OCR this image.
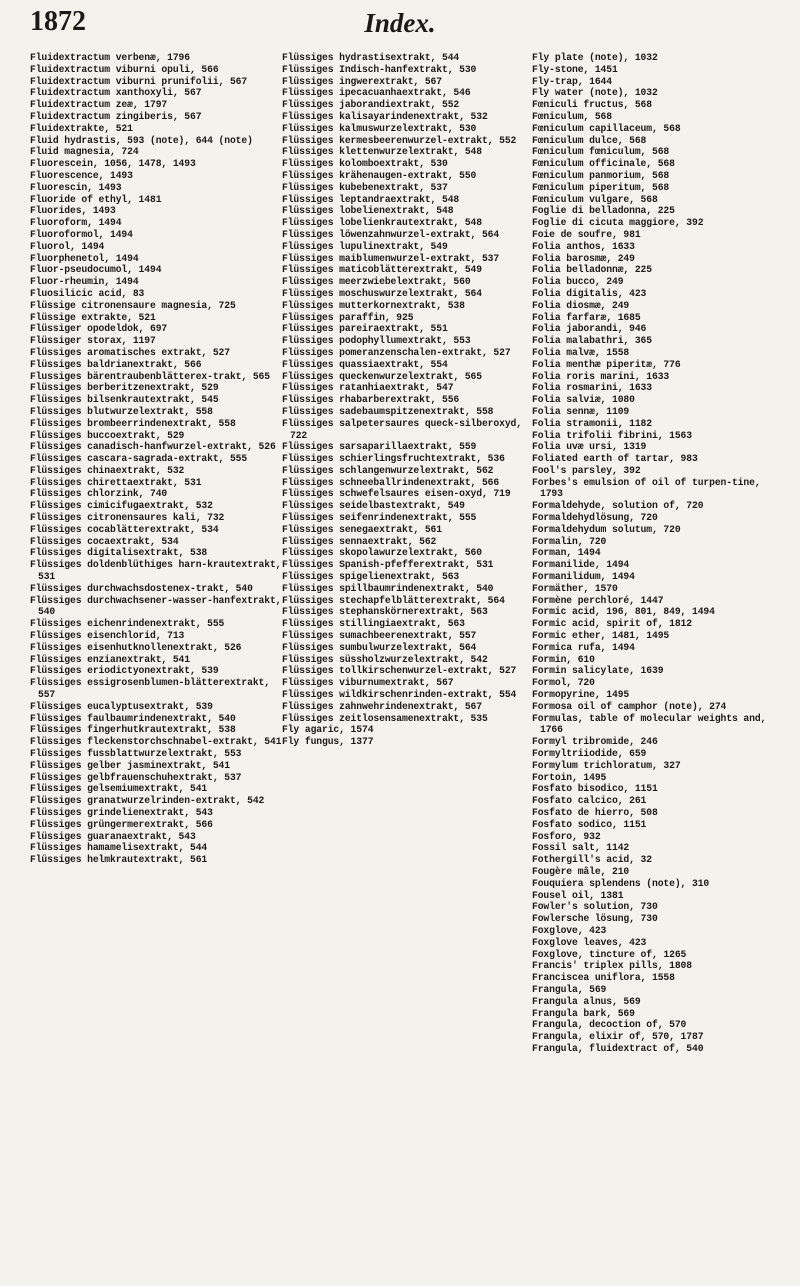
1872	Index.

Fluidextractum verbenæ, 1796

Fluidextractum viburni opuli, 566

Fluidextractum viburni prunifolii, 567

Fluidextractum xanthoxyli, 567

Fluidextractum zeæ, 1797

Fluidextractum zingiberis, 567

Fluidextrakte, 521

Fluid hydrastis, 593 (note), 644 (note)

Fluid magnesia, 724

Fluorescein, 1056, 1478, 1493

Fluorescence, 1493

Fluorescin, 1493

Fluoride of ethyl, 1481

Fluorides, 1493

Fluoroform, 1494

Fluoroformol, 1494

Fluorol, 1494

Fluorphenetol, 1494

Fluor-pseudocumol, 1494

Fluor-rheumin, 1494

Fluosilicic acid, 83

Flüssige citronensaure magnesia, 725

Flüssige extrakte, 521

Flüssiger opodeldok, 697

Flüssiger storax, 1197

Flüssiges aromatisches extrakt, 527

Flüssiges baldrianextrakt, 566

Flussiges bärentraubenblätterex-trakt, 565

Flüssiges berberitzenextrakt, 529

Flüssiges bilsenkrautextrakt, 545

Flüssiges blutwurzelextrakt, 558

Flüssiges brombeerrindenextrakt, 558

Flüssiges buccoextrakt, 529

Flüssiges canadisch-hanfwurzel-extrakt, 526

Flüssiges cascara-sagrada-extrakt, 555

Flüssiges chinaextrakt, 532

Flüssiges chirettaextrakt, 531

Flüssiges chlorzink, 740

Flüssiges cimicifugaextrakt, 532

Flüssiges citronensaures kali, 732

Flüssiges cocablätterextrakt, 534

Flüssiges cocaextrakt, 534

Flüssiges digitalisextrakt, 538

Flüssiges doldenblüthiges harn-krautextrakt, 531

Flüssiges durchwachsdostenex-trakt, 540

Flüssiges durchwachsener-wasser-hanfextrakt, 540

Flüssiges eichenrindenextrakt, 555

Flüssiges eisenchlorid, 713

Flüssiges eisenhutknollenextrakt, 526

Flüssiges enzianextrakt, 541

Flüssiges eriodictyonextrakt, 539

Flüssiges essigrosenblumen-blätterextrakt, 557

Flüssiges eucalyptusextrakt, 539

Flüssiges faulbaumrindenextrakt, 540

Flüssiges fingerhutkrautextrakt, 538

Flüssiges fleckenstorchschnabel-extrakt, 541

Flüssiges fussblattwurzelextrakt, 553

Flüssiges gelber jasminextrakt, 541

Flüssiges gelbfrauenschuhextrakt, 537

Flüssiges gelsemiumextrakt, 541

Flüssiges granatwurzelrinden-extrakt, 542

Flüssiges grindelienextrakt, 543

Flüssiges grüngermerextrakt, 566

Flüssiges guaranaextrakt, 543

Flüssiges hamamelisextrakt, 544

Flüssiges helmkrautextrakt, 561

Flüssiges hydrastisextrakt, 544

Flüssiges Indisch-hanfextrakt, 530

Flüssiges ingwerextrakt, 567

Flüssiges ipecacuanhaextrakt, 546

Flüssiges jaborandiextrakt, 552

Flüssiges kalisayarindenextrakt, 532

Flüssiges kalmuswurzelextrakt, 530

Flüssiges kermesbeerenwurzel-extrakt, 552

Flüssiges klettenwurzelextrakt, 548

Flüssiges kolomboextrakt, 530

Flüssiges krähenaugen-extrakt, 550

Flüssiges kubebenextrakt, 537

Flüssiges leptandraextrakt, 548

Flüssiges lobelienextrakt, 548

Flüssiges lobelienkrautextrakt, 548

Flüssiges löwenzahnwurzel-extrakt, 564

Flüssiges lupulinextrakt, 549

Flüssiges maiblumenwurzel-extrakt, 537

Flüssiges maticoblätterextrakt, 549

Flüssiges meerzwiebelextrakt, 560

Flüssiges moschuswurzelextrakt, 564

Flüssiges mutterkornextrakt, 538

Flüssiges paraffin, 925

Flüssiges pareiraextrakt, 551

Flüssiges podophyllumextrakt, 553

Flüssiges pomeranzenschalen-extrakt, 527

Flüssiges quassiaextrakt, 554

Flüssiges queckenwurzelextrakt, 565

Flüssiges ratanhiaextrakt, 547

Flüssiges rhabarberextrakt, 556

Flüssiges sadebaumspitzenextrakt, 558

Flüssiges salpetersaures queck-silberoxyd, 722

Flüssiges sarsaparillaextrakt, 559

Flüssiges schierlingsfruchtextrakt, 536

Flüssiges schlangenwurzelextrakt, 562

Flüssiges schneeballrindenextrakt, 566

Flüssiges schwefelsaures eisen-oxyd, 719

Flüssiges seidelbastextrakt, 549

Flüssiges seifenrindenextrakt, 555

Flüssiges senegaextrakt, 561

Flüssiges sennaextrakt, 562

Flüssiges skopolawurzelextrakt, 560

Flüssiges Spanish-pfefferextrakt, 531

Flüssiges spigelienextrakt, 563

Flüssiges spillbaumrindenextrakt, 540

Flüssiges stechapfelblätterextrakt, 564

Flüssiges stephanskörnerextrakt, 563

Flüssiges stillingiaextrakt, 563

Flüssiges sumachbeerenextrakt, 557

Flüssiges sumbulwurzelextrakt, 564

Flüssiges süssholzwurzelextrakt, 542

Flüssiges tollkirschenwurzel-extrakt, 527

Flüssiges viburnumextrakt, 567

Flüssiges wildkirschenrinden-extrakt, 554

Flüssiges zahnwehrindenextrakt, 567

Flüssiges zeitlosensamenextrakt, 535

Fly agaric, 1574

Fly fungus, 1377

Fly plate (note), 1032

Fly-stone, 1451

Fly-trap, 1644

Fly water (note), 1032

Fœniculi fructus, 568

Fœniculum, 568

Fœniculum capillaceum, 568

Fœniculum dulce, 568

Fœniculum fœniculum, 568

Fœniculum officinale, 568

Fœniculum panmorium, 568

Fœniculum piperitum, 568

Fœniculum vulgare, 568

Foglie di belladonna, 225

Foglie di cicuta maggiore, 392

Foie de soufre, 981

Folia anthos, 1633

Folia barosmæ, 249

Folia belladonnæ, 225

Folia bucco, 249

Folia digitalis, 423

Folia diosmæ, 249

Folia farfaræ, 1685

Folia jaborandi, 946

Folia malabathri, 365

Folia malvæ, 1558

Folia menthæ piperitæ, 776

Folia roris marini, 1633

Folia rosmarini, 1633

Folia salviæ, 1080

Folia sennæ, 1109

Folia stramonii, 1182

Folia trifolii fibrini, 1563

Folia uvæ ursi, 1319

Foliated earth of tartar, 983

Fool's parsley, 392

Forbes's emulsion of oil of turpen-tine, 1793

Formaldehyde, solution of, 720

Formaldehydlösung, 720

Formaldehydum solutum, 720

Formalin, 720

Forman, 1494

Formanilide, 1494

Formanilidum, 1494

Formäther, 1570

Formène perchloré, 1447

Formic acid, 196, 801, 849, 1494

Formic acid, spirit of, 1812

Formic ether, 1481, 1495

Formica rufa, 1494

Formin, 610

Formin salicylate, 1639

Formol, 720

Formopyrine, 1495

Formosa oil of camphor (note), 274

Formulas, table of molecular weights and, 1766

Formyl tribromide, 246

Formyltriiodide, 659

Formylum trichloratum, 327

Fortoin, 1495

Fosfato bisodico, 1151

Fosfato calcico, 261

Fosfato de hierro, 508

Fosfato sodico, 1151

Fosforo, 932

Fossil salt, 1142

Fothergill's acid, 32

Fougère mâle, 210

Fouquiera splendens (note), 310

Fousel oil, 1381

Fowler's solution, 730

Fowlersche lösung, 730

Foxglove, 423

Foxglove leaves, 423

Foxglove, tincture of, 1265

Francis' triplex pills, 1808

Franciscea uniflora, 1558

Frangula, 569

Frangula alnus, 569

Frangula bark, 569

Frangula, decoction of, 570

Frangula, elixir of, 570, 1787

Frangula, fluidextract of, 540
